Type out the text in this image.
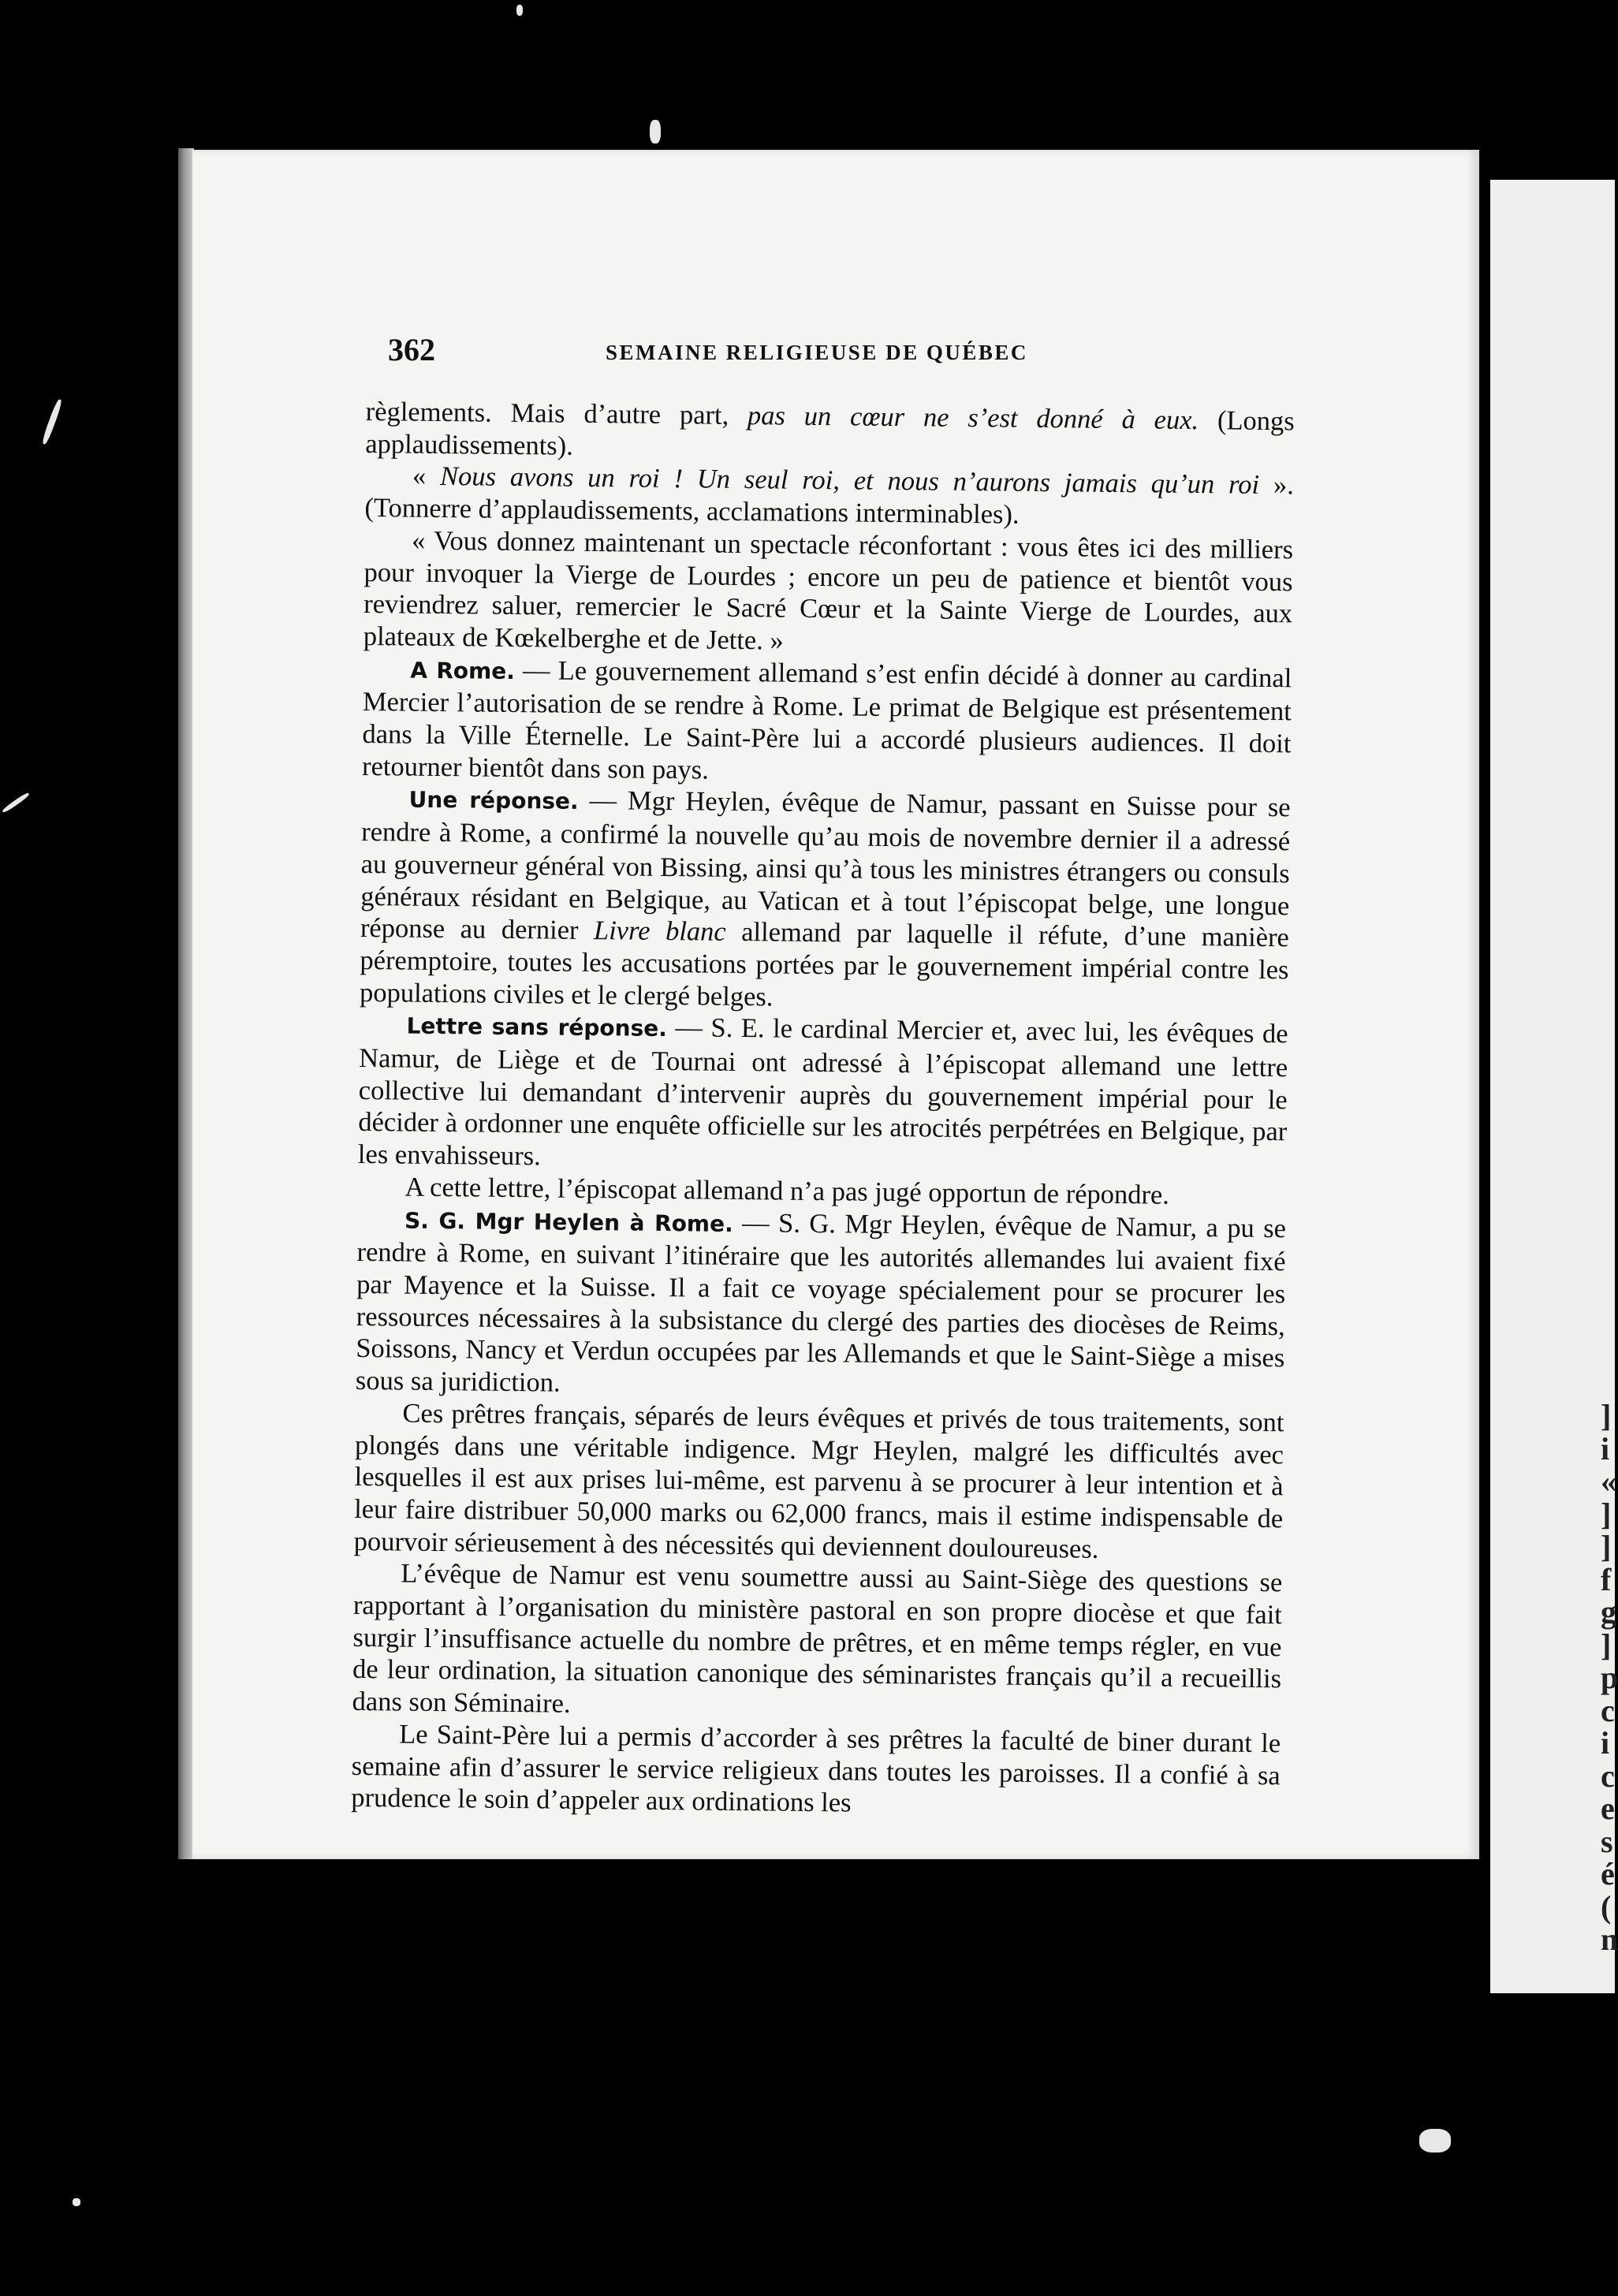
]
i
«
]
]
f
g
]
p
c
i
c
e
s
é
(
n
362	SEMAINE RELIGIEUSE DE QUÉBEC

règlements. Mais d’autre part, pas un cœur ne s’est donné à eux. (Longs applaudissements).

« Nous avons un roi ! Un seul roi, et nous n’aurons jamais qu’un roi ». (Tonnerre d’applaudissements, acclamations interminables).

« Vous donnez maintenant un spectacle réconfortant : vous êtes ici des milliers pour invoquer la Vierge de Lourdes ; encore un peu de patience et bientôt vous reviendrez saluer, remercier le Sacré Cœur et la Sainte Vierge de Lourdes, aux plateaux de Kœkelberghe et de Jette. »

A Rome. — Le gouvernement allemand s’est enfin décidé à donner au cardinal Mercier l’autorisation de se rendre à Rome. Le primat de Belgique est présentement dans la Ville Éternelle. Le Saint-Père lui a accordé plusieurs audiences. Il doit retourner bientôt dans son pays.

Une réponse. — Mgr Heylen, évêque de Namur, passant en Suisse pour se rendre à Rome, a confirmé la nouvelle qu’au mois de novembre dernier il a adressé au gouverneur général von Bissing, ainsi qu’à tous les ministres étrangers ou consuls généraux résidant en Belgique, au Vatican et à tout l’épiscopat belge, une longue réponse au dernier Livre blanc allemand par laquelle il réfute, d’une manière péremptoire, toutes les accusations portées par le gouvernement impérial contre les populations civiles et le clergé belges.

Lettre sans réponse. — S. E. le cardinal Mercier et, avec lui, les évêques de Namur, de Liège et de Tournai ont adressé à l’épiscopat allemand une lettre collective lui demandant d’intervenir auprès du gouvernement impérial pour le décider à ordonner une enquête officielle sur les atrocités perpétrées en Belgique, par les envahisseurs.

A cette lettre, l’épiscopat allemand n’a pas jugé opportun de répondre.

S. G. Mgr Heylen à Rome. — S. G. Mgr Heylen, évêque de Namur, a pu se rendre à Rome, en suivant l’itinéraire que les autorités allemandes lui avaient fixé par Mayence et la Suisse. Il a fait ce voyage spécialement pour se procurer les ressources nécessaires à la subsistance du clergé des parties des diocèses de Reims, Soissons, Nancy et Verdun occupées par les Allemands et que le Saint-Siège a mises sous sa juridiction.

Ces prêtres français, séparés de leurs évêques et privés de tous traitements, sont plongés dans une véritable indigence. Mgr Heylen, malgré les difficultés avec lesquelles il est aux prises lui-même, est parvenu à se procurer à leur intention et à leur faire distribuer 50,000 marks ou 62,000 francs, mais il estime indispensable de pourvoir sérieusement à des nécessités qui deviennent douloureuses.

L’évêque de Namur est venu soumettre aussi au Saint-Siège des questions se rapportant à l’organisation du ministère pastoral en son propre diocèse et que fait surgir l’insuffisance actuelle du nombre de prêtres, et en même temps régler, en vue de leur ordination, la situation canonique des séminaristes français qu’il a recueillis dans son Séminaire.

Le Saint-Père lui a permis d’accorder à ses prêtres la faculté de biner durant le semaine afin d’assurer le service religieux dans toutes les paroisses. Il a confié à sa prudence le soin d’appeler aux ordinations les
